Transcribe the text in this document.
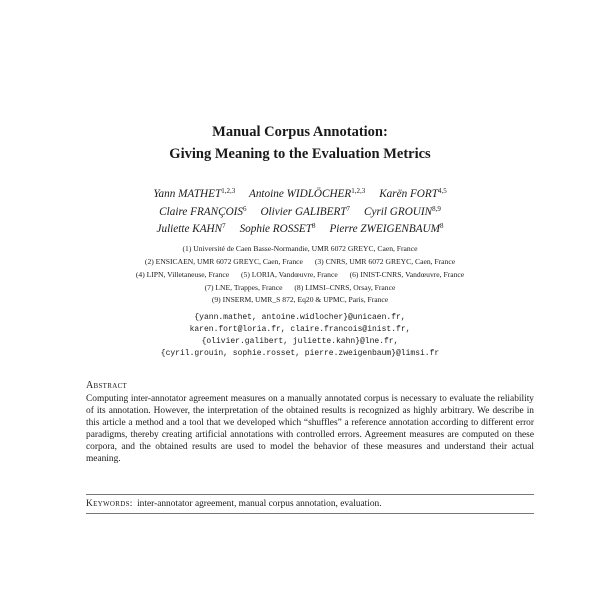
Manual Corpus Annotation:
Giving Meaning to the Evaluation Metrics
Yann MATHET$^{1,2,3}$ Antoine WIDLÖCHER$^{1,2,3}$ Karën FORT$^{4,5}$
Claire FRANÇOIS$^6$ Olivier GALIBERT$^7$ Cyril GROUIN$^{8,9}$
Juliette KAHN$^7$ Sophie ROSSET$^8$ Pierre ZWEIGENBAUM$^8$
(1) Université de Caen Basse-Normandie, UMR 6072 GREYC, Caen, France
(2) ENSICAEN, UMR 6072 GREYC, Caen, France (3) CNRS, UMR 6072 GREYC, Caen, France
(4) LIPN, Villetaneuse, France (5) LORIA, Vandœuvre, France (6) INIST-CNRS, Vandœuvre, France
(7) LNE, Trappes, France (8) LIMSI–CNRS, Orsay, France
(9) INSERM, UMR_S 872, Eq20 & UPMC, Paris, France
{yann.mathet, antoine.widlocher}@unicaen.fr,
karen.fort@loria.fr, claire.francois@inist.fr,
{olivier.galibert, juliette.kahn}@lne.fr,
{cyril.grouin, sophie.rosset, pierre.zweigenbaum}@limsi.fr
Abstract
Computing inter-annotator agreement measures on a manually annotated corpus is necessary to evaluate the reliability of its annotation. However, the interpretation of the obtained results is recognized as highly arbitrary. We describe in this article a method and a tool that we developed which “shuffles” a reference annotation according to different error paradigms, thereby creating artificial annotations with controlled errors. Agreement measures are computed on these corpora, and the obtained results are used to model the behavior of these measures and understand their actual meaning.
Keywords:  inter-annotator agreement, manual corpus annotation, evaluation.
